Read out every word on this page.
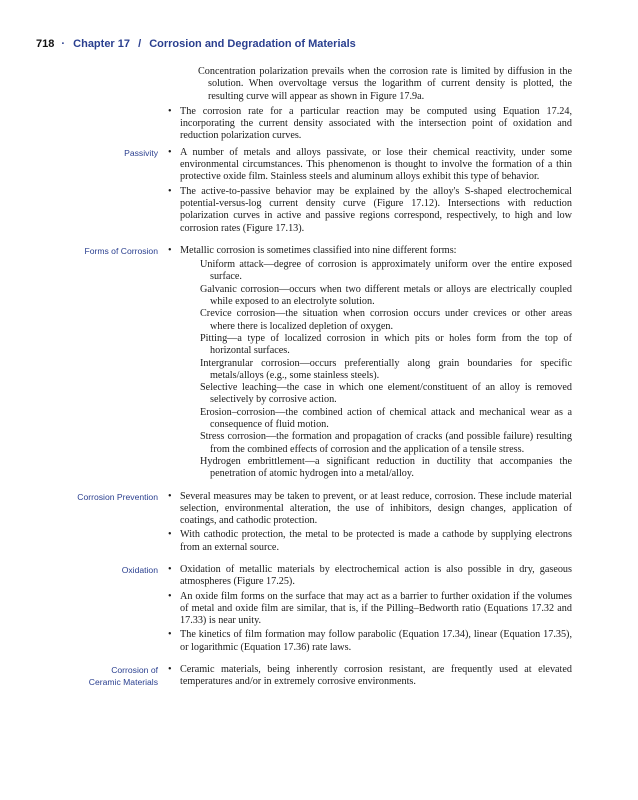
718 · Chapter 17 / Corrosion and Degradation of Materials
Concentration polarization prevails when the corrosion rate is limited by diffusion in the solution. When overvoltage versus the logarithm of current density is plotted, the resulting curve will appear as shown in Figure 17.9a.
• The corrosion rate for a particular reaction may be computed using Equation 17.24, incorporating the current density associated with the intersection point of oxidation and reduction polarization curves.
Passivity	• A number of metals and alloys passivate, or lose their chemical reactivity, under some environmental circumstances. This phenomenon is thought to involve the formation of a thin protective oxide film. Stainless steels and aluminum alloys exhibit this type of behavior.
• The active-to-passive behavior may be explained by the alloy's S-shaped electrochemical potential-versus-log current density curve (Figure 17.12). Intersections with reduction polarization curves in active and passive regions correspond, respectively, to high and low corrosion rates (Figure 17.13).
Forms of Corrosion	• Metallic corrosion is sometimes classified into nine different forms:
Uniform attack—degree of corrosion is approximately uniform over the entire exposed surface.
Galvanic corrosion—occurs when two different metals or alloys are electrically coupled while exposed to an electrolyte solution.
Crevice corrosion—the situation when corrosion occurs under crevices or other areas where there is localized depletion of oxygen.
Pitting—a type of localized corrosion in which pits or holes form from the top of horizontal surfaces.
Intergranular corrosion—occurs preferentially along grain boundaries for specific metals/alloys (e.g., some stainless steels).
Selective leaching—the case in which one element/constituent of an alloy is removed selectively by corrosive action.
Erosion–corrosion—the combined action of chemical attack and mechanical wear as a consequence of fluid motion.
Stress corrosion—the formation and propagation of cracks (and possible failure) resulting from the combined effects of corrosion and the application of a tensile stress.
Hydrogen embrittlement—a significant reduction in ductility that accompanies the penetration of atomic hydrogen into a metal/alloy.
Corrosion Prevention	• Several measures may be taken to prevent, or at least reduce, corrosion. These include material selection, environmental alteration, the use of inhibitors, design changes, application of coatings, and cathodic protection.
• With cathodic protection, the metal to be protected is made a cathode by supplying electrons from an external source.
Oxidation	• Oxidation of metallic materials by electrochemical action is also possible in dry, gaseous atmospheres (Figure 17.25).
• An oxide film forms on the surface that may act as a barrier to further oxidation if the volumes of metal and oxide film are similar, that is, if the Pilling–Bedworth ratio (Equations 17.32 and 17.33) is near unity.
• The kinetics of film formation may follow parabolic (Equation 17.34), linear (Equation 17.35), or logarithmic (Equation 17.36) rate laws.
Corrosion of
Ceramic Materials
• Ceramic materials, being inherently corrosion resistant, are frequently used at elevated temperatures and/or in extremely corrosive environments.
